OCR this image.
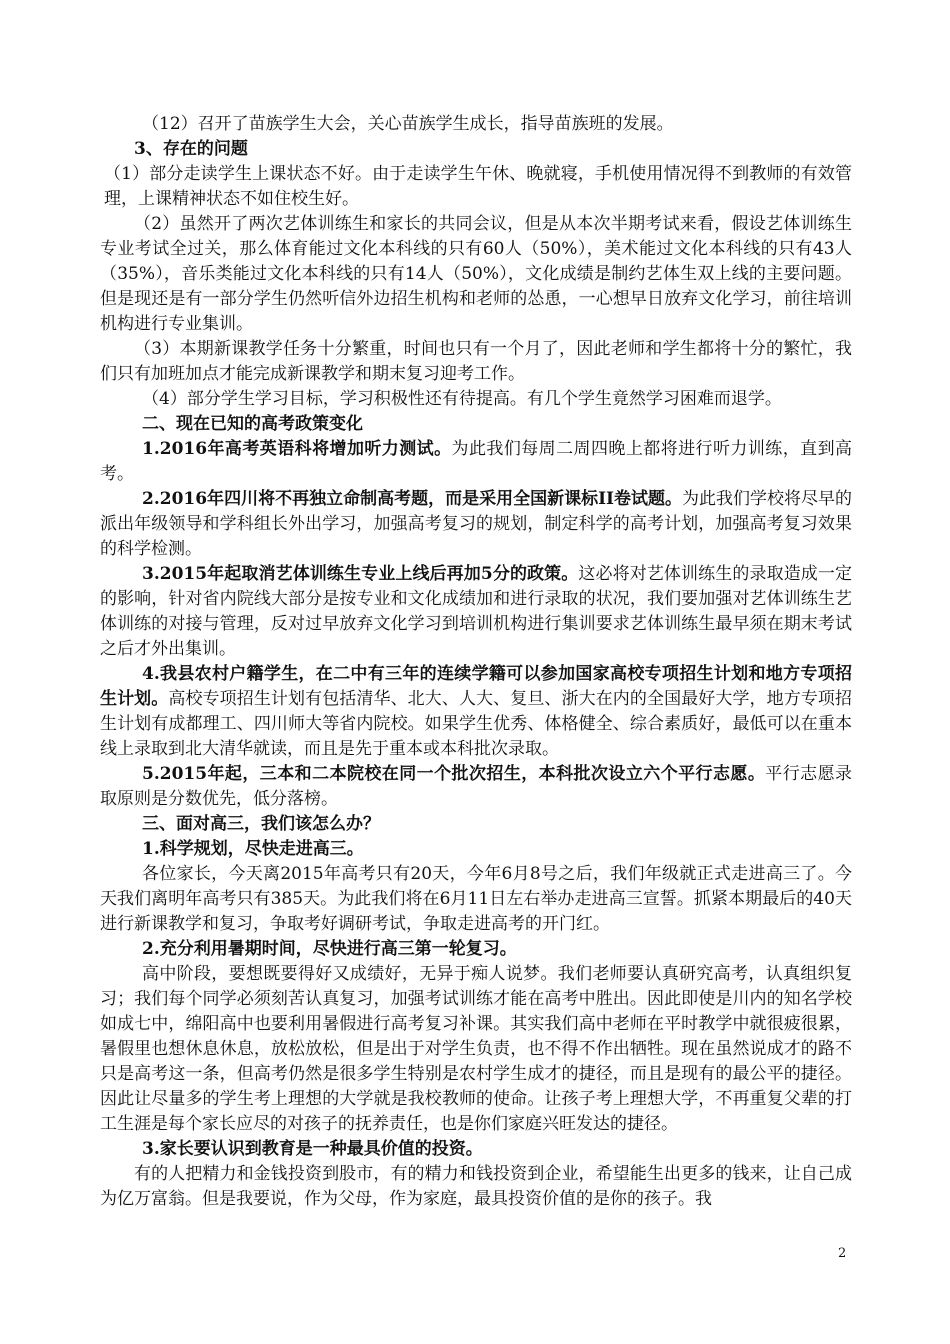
（12）召开了苗族学生大会，关心苗族学生成长，指导苗族班的发展。

3、存在的问题

（1）部分走读学生上课状态不好。由于走读学生午休、晚就寝，手机使用情况得不到教师的有效管理，上课精神状态不如住校生好。

（2）虽然开了两次艺体训练生和家长的共同会议，但是从本次半期考试来看，假设艺体训练生专业考试全过关，那么体育能过文化本科线的只有60人（50%），美术能过文化本科线的只有43人（35%），音乐类能过文化本科线的只有14人（50%），文化成绩是制约艺体生双上线的主要问题。但是现还是有一部分学生仍然听信外边招生机构和老师的怂恿，一心想早日放弃文化学习，前往培训机构进行专业集训。

（3）本期新课教学任务十分繁重，时间也只有一个月了，因此老师和学生都将十分的繁忙，我们只有加班加点才能完成新课教学和期末复习迎考工作。

（4）部分学生学习目标，学习积极性还有待提高。有几个学生竟然学习困难而退学。

二、现在已知的高考政策变化

1.2016年高考英语科将增加听力测试。为此我们每周二周四晚上都将进行听力训练，直到高考。

2.2016年四川将不再独立命制高考题，而是采用全国新课标II卷试题。为此我们学校将尽早的派出年级领导和学科组长外出学习，加强高考复习的规划，制定科学的高考计划，加强高考复习效果的科学检测。

3.2015年起取消艺体训练生专业上线后再加5分的政策。这必将对艺体训练生的录取造成一定的影响，针对省内院线大部分是按专业和文化成绩加和进行录取的状况，我们要加强对艺体训练生艺体训练的对接与管理，反对过早放弃文化学习到培训机构进行集训要求艺体训练生最早须在期末考试之后才外出集训。

4.我县农村户籍学生，在二中有三年的连续学籍可以参加国家高校专项招生计划和地方专项招生计划。高校专项招生计划有包括清华、北大、人大、复旦、浙大在内的全国最好大学，地方专项招生计划有成都理工、四川师大等省内院校。如果学生优秀、体格健全、综合素质好，最低可以在重本线上录取到北大清华就读，而且是先于重本或本科批次录取。

5.2015年起，三本和二本院校在同一个批次招生，本科批次设立六个平行志愿。平行志愿录取原则是分数优先，低分落榜。

三、面对高三，我们该怎么办？

1.科学规划，尽快走进高三。

各位家长，今天离2015年高考只有20天，今年6月8号之后，我们年级就正式走进高三了。今天我们离明年高考只有385天。为此我们将在6月11日左右举办走进高三宣誓。抓紧本期最后的40天进行新课教学和复习，争取考好调研考试，争取走进高考的开门红。

2.充分利用暑期时间，尽快进行高三第一轮复习。

高中阶段，要想既要得好又成绩好，无异于痴人说梦。我们老师要认真研究高考，认真组织复习；我们每个同学必须刻苦认真复习，加强考试训练才能在高考中胜出。因此即使是川内的知名学校如成七中，绵阳高中也要利用暑假进行高考复习补课。其实我们高中老师在平时教学中就很疲很累，暑假里也想休息休息，放松放松，但是出于对学生负责，也不得不作出牺牲。现在虽然说成才的路不只是高考这一条，但高考仍然是很多学生特别是农村学生成才的捷径，而且是现有的最公平的捷径。因此让尽量多的学生考上理想的大学就是我校教师的使命。让孩子考上理想大学，不再重复父辈的打工生涯是每个家长应尽的对孩子的抚养责任，也是你们家庭兴旺发达的捷径。

3.家长要认识到教育是一种最具价值的投资。

有的人把精力和金钱投资到股市，有的精力和钱投资到企业，希望能生出更多的钱来，让自己成为亿万富翁。但是我要说，作为父母，作为家庭，最具投资价值的是你的孩子。我

2
